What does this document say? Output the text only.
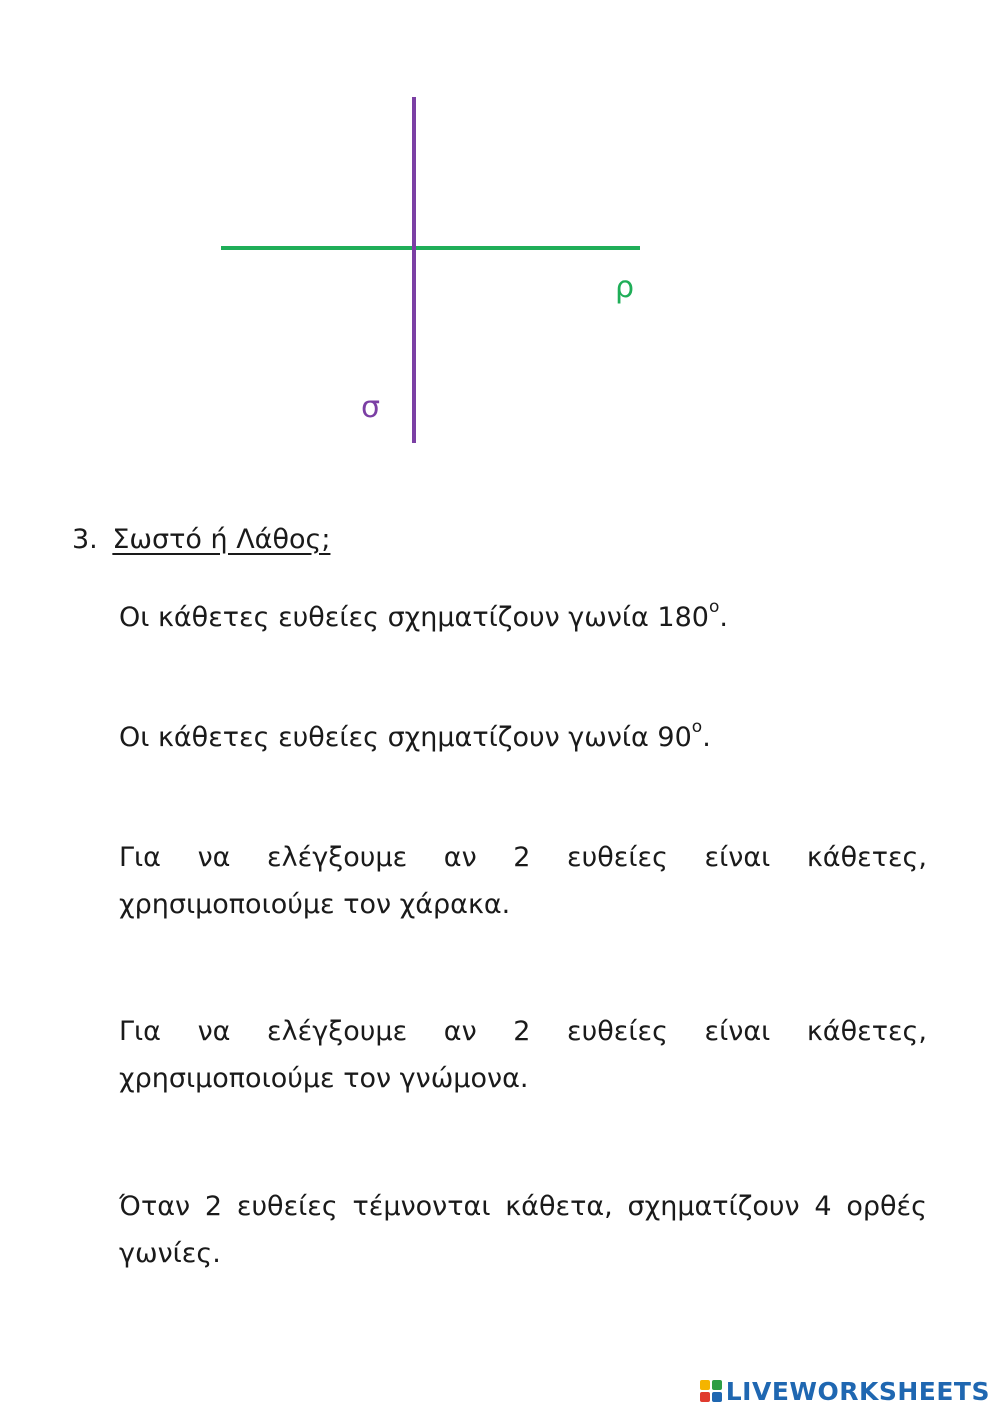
ρ
σ
3. Σωστό ή Λάθος;
Οι κάθετες ευθείες σχηματίζουν γωνία $180^o$.
Οι κάθετες ευθείες σχηματίζουν γωνία $90^o$.
Για να ελέγξουμε αν 2 ευθείες είναι κάθετες, χρησιμοποιούμε τον χάρακα.
Για να ελέγξουμε αν 2 ευθείες είναι κάθετες, χρησιμοποιούμε τον γνώμονα.
Όταν 2 ευθείες τέμνονται κάθετα, σχηματίζουν 4 ορθές γωνίες.
LIVEWORKSHEETS
